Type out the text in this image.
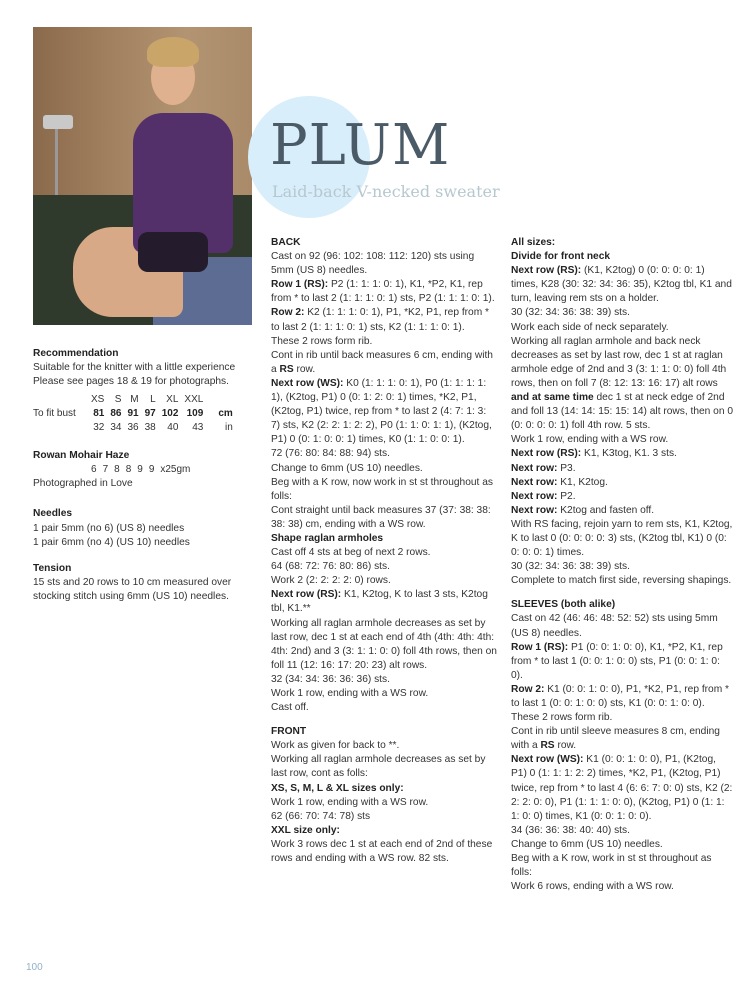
PLUM
Laid-back V-necked sweater

Recommendation

Suitable for the knitter with a little experience Please see pages 18 & 19 for photographs.

	XS	S	M	L	XL	XXL	
To fit bust	81	86	91	97	102	109	cm
	32	34	36	38	40	43	in

Rowan Mohair Haze

	6	7	8	8	9	9	x25gm

Photographed in Love

Needles

1 pair 5mm (no 6) (US 8) needles

1 pair 6mm (no 4) (US 10) needles

Tension

15 sts and 20 rows to 10 cm measured over stocking stitch using 6mm (US 10) needles.

BACK

Cast on 92 (96: 102: 108: 112: 120) sts using 5mm (US 8) needles.

Row 1 (RS): P2 (1: 1: 1: 0: 1), K1, *P2, K1, rep from * to last 2 (1: 1: 1: 0: 1) sts, P2 (1: 1: 1: 0: 1).

Row 2: K2 (1: 1: 1: 0: 1), P1, *K2, P1, rep from * to last 2 (1: 1: 1: 0: 1) sts, K2 (1: 1: 1: 0: 1).

These 2 rows form rib.

Cont in rib until back measures 6 cm, ending with a RS row.

Next row (WS): K0 (1: 1: 1: 0: 1), P0 (1: 1: 1: 1: 1), (K2tog, P1) 0 (0: 1: 2: 0: 1) times, *K2, P1, (K2tog, P1) twice, rep from * to last 2 (4: 7: 1: 3: 7) sts, K2 (2: 2: 1: 2: 2), P0 (1: 1: 0: 1: 1), (K2tog, P1) 0 (0: 1: 0: 0: 1) times, K0 (1: 1: 0: 0: 1).

72 (76: 80: 84: 88: 94) sts.

Change to 6mm (US 10) needles.

Beg with a K row, now work in st st throughout as folls:

Cont straight until back measures 37 (37: 38: 38: 38: 38) cm, ending with a WS row.

Shape raglan armholes

Cast off 4 sts at beg of next 2 rows.

64 (68: 72: 76: 80: 86) sts.

Work 2 (2: 2: 2: 2: 0) rows.

Next row (RS): K1, K2tog, K to last 3 sts, K2tog tbl, K1.**

Working all raglan armhole decreases as set by last row, dec 1 st at each end of 4th (4th: 4th: 4th: 4th: 2nd) and 3 (3: 1: 1: 0: 0) foll 4th rows, then on foll 11 (12: 16: 17: 20: 23) alt rows.

32 (34: 34: 36: 36: 36) sts.

Work 1 row, ending with a WS row.

Cast off.

FRONT

Work as given for back to **.

Working all raglan armhole decreases as set by last row, cont as folls:

XS, S, M, L & XL sizes only:

Work 1 row, ending with a WS row.

62 (66: 70: 74: 78) sts

XXL size only:

Work 3 rows dec 1 st at each end of 2nd of these rows and ending with a WS row. 82 sts.

All sizes:

Divide for front neck

Next row (RS): (K1, K2tog) 0 (0: 0: 0: 0: 1) times, K28 (30: 32: 34: 36: 35), K2tog tbl, K1 and turn, leaving rem sts on a holder.

30 (32: 34: 36: 38: 39) sts.

Work each side of neck separately.

Working all raglan armhole and back neck decreases as set by last row, dec 1 st at raglan armhole edge of 2nd and 3 (3: 1: 1: 0: 0) foll 4th rows, then on foll 7 (8: 12: 13: 16: 17) alt rows and at same time dec 1 st at neck edge of 2nd and foll 13 (14: 14: 15: 15: 14) alt rows, then on 0 (0: 0: 0: 0: 1) foll 4th row. 5 sts.

Work 1 row, ending with a WS row.

Next row (RS): K1, K3tog, K1. 3 sts.

Next row: P3.

Next row: K1, K2tog.

Next row: P2.

Next row: K2tog and fasten off.

With RS facing, rejoin yarn to rem sts, K1, K2tog, K to last 0 (0: 0: 0: 0: 3) sts, (K2tog tbl, K1) 0 (0: 0: 0: 0: 1) times.

30 (32: 34: 36: 38: 39) sts.

Complete to match first side, reversing shapings.

SLEEVES (both alike)

Cast on 42 (46: 46: 48: 52: 52) sts using 5mm (US 8) needles.

Row 1 (RS): P1 (0: 0: 1: 0: 0), K1, *P2, K1, rep from * to last 1 (0: 0: 1: 0: 0) sts, P1 (0: 0: 1: 0: 0).

Row 2: K1 (0: 0: 1: 0: 0), P1, *K2, P1, rep from * to last 1 (0: 0: 1: 0: 0) sts, K1 (0: 0: 1: 0: 0).

These 2 rows form rib.

Cont in rib until sleeve measures 8 cm, ending with a RS row.

Next row (WS): K1 (0: 0: 1: 0: 0), P1, (K2tog, P1) 0 (1: 1: 1: 2: 2) times, *K2, P1, (K2tog, P1) twice, rep from * to last 4 (6: 6: 7: 0: 0) sts, K2 (2: 2: 2: 0: 0), P1 (1: 1: 1: 0: 0), (K2tog, P1) 0 (1: 1: 1: 0: 0) times, K1 (0: 0: 1: 0: 0).

34 (36: 36: 38: 40: 40) sts.

Change to 6mm (US 10) needles.

Beg with a K row, work in st st throughout as folls:

Work 6 rows, ending with a WS row.

100
